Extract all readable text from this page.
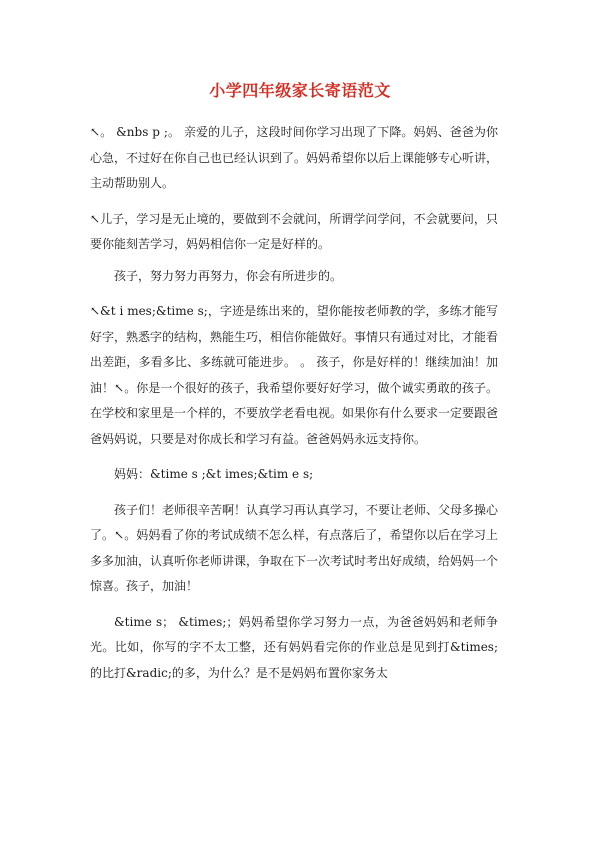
小学四年级家长寄语范文

↖。 &nbs p ;。 亲爱的儿子，这段时间你学习出现了下降。妈妈、爸爸为你心急，不过好在你自己也已经认识到了。妈妈希望你以后上课能够专心听讲，主动帮助别人。

↖儿子，学习是无止境的，要做到不会就问，所谓学问学问，不会就要问，只要你能刻苦学习，妈妈相信你一定是好样的。

孩子，努力努力再努力，你会有所进步的。

↖&t i mes;&time s;，字迹是练出来的，望你能按老师教的学，多练才能写好字，熟悉字的结构，熟能生巧，相信你能做好。事情只有通过对比，才能看出差距，多看多比、多练就可能进步。 。 孩子，你是好样的！继续加油！加油！↖。你是一个很好的孩子，我希望你要好好学习，做个诚实勇敢的孩子。在学校和家里是一个样的，不要放学老看电视。如果你有什么要求一定要跟爸爸妈妈说，只要是对你成长和学习有益。爸爸妈妈永远支持你。

妈妈：&time s ;&t imes;&tim e s;

孩子们！老师很辛苦啊！认真学习再认真学习，不要让老师、父母多操心了。↖。妈妈看了你的考试成绩不怎么样，有点落后了，希望你以后在学习上多多加油，认真听你老师讲课，争取在下一次考试时考出好成绩，给妈妈一个惊喜。孩子，加油！

&time s； &times;；妈妈希望你学习努力一点，为爸爸妈妈和老师争光。比如，你写的字不太工整，还有妈妈看完你的作业总是见到打&times;的比打&radic;的多，为什么？是不是妈妈布置你家务太
